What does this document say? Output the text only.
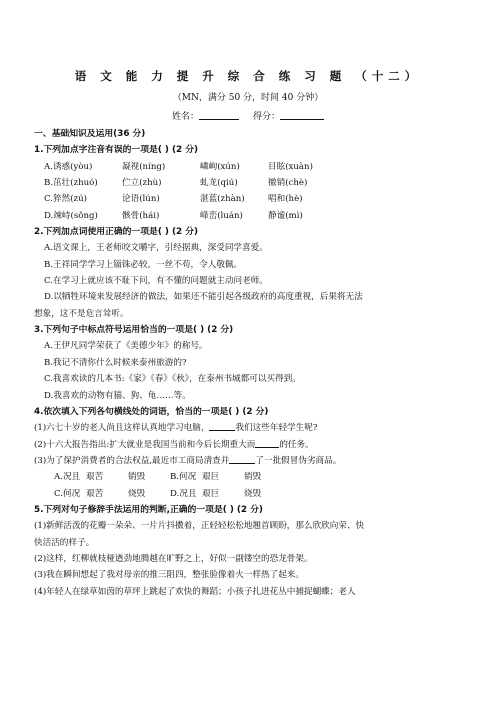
语 文 能 力 提 升 综 合 练 习 题 （十二）
（MN，满分 50 分，时间 40 分钟）
姓名：	得分：
一、基础知识及运用(36 分)
1.下列加点字注音有误的一项是( ) (2 分)
A.诱惑(yòu)	凝视(níng)	嶙峋(xún)	目眩(xuàn)
B.茁壮(zhuó)	伫立(zhù)	虬龙(qiú)	撤销(chè)
C.猝然(zú)	论语(lún)	湛蓝(zhàn)	唱和(hè)
D.竦峙(sǒng)	骸骨(hái)	峰峦(luán)	静谧(mì)
2.下列加点词使用正确的一项是( ) (2 分)
A.语文课上，王老师咬文嚼字，引经据典，深受同学喜爱。
B.王祥同学学习上锱铢必较，一丝不苟，令人敬佩。
C.在学习上就应该不耻下问，有不懂的问题就主动问老师。
D.以牺牲环境来发展经济的做法，如果还不能引起各级政府的高度重视，后果将无法
想象，这不是危言耸听。
3.下列句子中标点符号运用恰当的一项是( ) (2 分)
A.王伊凡同学荣获了《美德少年》的称号。
B.我记不清你什么时候来泰州旅游的?
C.我喜欢读的几本书:《家》《春》《秋》，在泰州书城都可以买得到。
D.我喜欢的动物有猫、狗、龟……等。
4.依次填入下列各句横线处的词语，恰当的一项是( ) (2 分)
(1)六七十岁的老人尚且这样认真地学习电脑，	我们这些年轻学生呢?
(2)十六大报告指出:扩大就业是我国当前和今后长期重大而	的任务。
(3)为了保护消费者的合法权益,最近市工商局清查并	了一批假冒伪劣商品。
A.况且 艰苦	销毁	B.何况 艰巨	销毁
C.何况 艰苦	烧毁	D.况且 艰巨	烧毁
5.下列对句子修辞手法运用的判断,正确的一项是( ) (2 分)
(1)新鲜活泼的花瓣一朵朵、一片片抖擞着，正轻轻松松地翘首顾盼，那么欣欣向荣、快
快活活的样子。
(2)这样，红柳就枝桠遒劲地腾越在旷野之上，好似一副镂空的恐龙骨架。
(3)我在瞬间想起了我对母亲的推三阻四，整张脸像着火一样热了起来。
(4)年轻人在绿草如茵的草坪上跳起了欢快的舞蹈；小孩子扎进花丛中捕捉蝴蝶；老人
